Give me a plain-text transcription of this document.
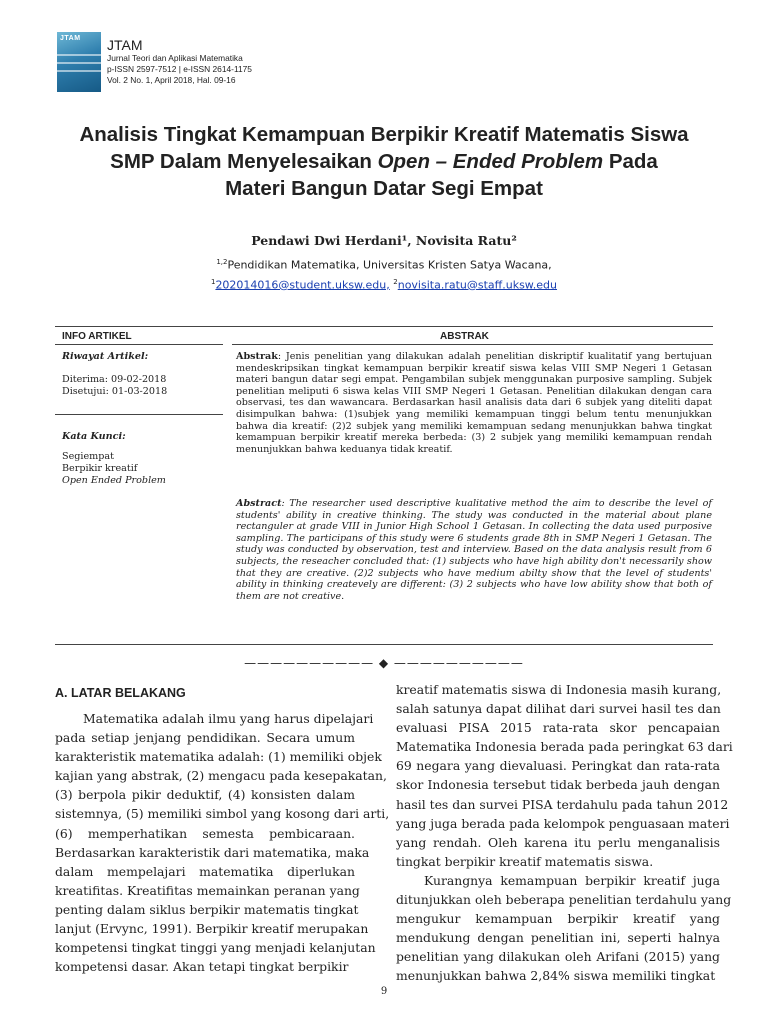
JTAM JTAM
Jurnal Teori dan Aplikasi Matematika
p-ISSN 2597-7512 | e-ISSN 2614-1175
Vol. 2 No. 1, April 2018, Hal. 09-16
Analisis Tingkat Kemampuan Berpikir Kreatif Matematis Siswa
SMP Dalam Menyelesaikan Open – Ended Problem Pada
Materi Bangun Datar Segi Empat
Pendawi Dwi Herdani¹, Novisita Ratu²
$^{1,2}$Pendidikan Matematika, Universitas Kristen Satya Wacana,
$^1$202014016@student.uksw.edu, $^2$novisita.ratu@staff.uksw.edu
INFO ARTIKEL	ABSTRAK
Riwayat Artikel:
Diterima: 09-02-2018
Disetujui: 01-03-2018
Kata Kunci:
Segiempat
Berpikir kreatif
Open Ended Problem
Abstrak: Jenis penelitian yang dilakukan adalah penelitian diskriptif kualitatif yang bertujuan mendeskripsikan tingkat kemampuan berpikir kreatif siswa kelas VIII SMP Negeri 1 Getasan materi bangun datar segi empat. Pengambilan subjek menggunakan purposive sampling. Subjek penelitian meliputi 6 siswa kelas VIII SMP Negeri 1 Getasan. Penelitian dilakukan dengan cara observasi, tes dan wawancara. Berdasarkan hasil analisis data dari 6 subjek yang diteliti dapat disimpulkan bahwa: (1)subjek yang memiliki kemampuan tinggi belum tentu menunjukkan bahwa dia kreatif: (2)2 subjek yang memiliki kemampuan sedang menunjukkan bahwa tingkat kemampuan berpikir kreatif mereka berbeda: (3) 2 subjek yang memiliki kemampuan rendah menunjukkan bahwa keduanya tidak kreatif.
Abstract: The researcher used descriptive kualitative method the aim to describe the level of students' ability in creative thinking. The study was conducted in the material about plane rectanguler at grade VIII in Junior High School 1 Getasan. In collecting the data used purposive sampling. The participans of this study were 6 students grade 8th in SMP Negeri 1 Getasan. The study was conducted by observation, test and interview. Based on the data analysis result from 6 subjects, the reseacher concluded that: (1) subjects who have high ability don't necessarily show that they are creative. (2)2 subjects who have medium abilty show that the level of students' ability in thinking createvely are different: (3) 2 subjects who have low ability show that both of them are not creative.
—————————— ◆ ——————————
A. LATAR BELAKANG
Matematika adalah ilmu yang harus dipelajari
pada setiap jenjang pendidikan. Secara umum
karakteristik matematika adalah: (1) memiliki objek
kajian yang abstrak, (2) mengacu pada kesepakatan,
(3) berpola pikir deduktif, (4) konsisten dalam
sistemnya, (5) memiliki simbol yang kosong dari arti,
(6) memperhatikan semesta pembicaraan.
Berdasarkan karakteristik dari matematika, maka
dalam mempelajari matematika diperlukan
kreatifitas. Kreatifitas memainkan peranan yang
penting dalam siklus berpikir matematis tingkat
lanjut (Ervync, 1991). Berpikir kreatif merupakan
kompetensi tingkat tinggi yang menjadi kelanjutan
kompetensi dasar. Akan tetapi tingkat berpikir
kreatif matematis siswa di Indonesia masih kurang,
salah satunya dapat dilihat dari survei hasil tes dan
evaluasi PISA 2015 rata-rata skor pencapaian
Matematika Indonesia berada pada peringkat 63 dari
69 negara yang dievaluasi. Peringkat dan rata-rata
skor Indonesia tersebut tidak berbeda jauh dengan
hasil tes dan survei PISA terdahulu pada tahun 2012
yang juga berada pada kelompok penguasaan materi
yang rendah. Oleh karena itu perlu menganalisis
tingkat berpikir kreatif matematis siswa.
Kurangnya kemampuan berpikir kreatif juga
ditunjukkan oleh beberapa penelitian terdahulu yang
mengukur kemampuan berpikir kreatif yang
mendukung dengan penelitian ini, seperti halnya
penelitian yang dilakukan oleh Arifani (2015) yang
menunjukkan bahwa 2,84% siswa memiliki tingkat
9
